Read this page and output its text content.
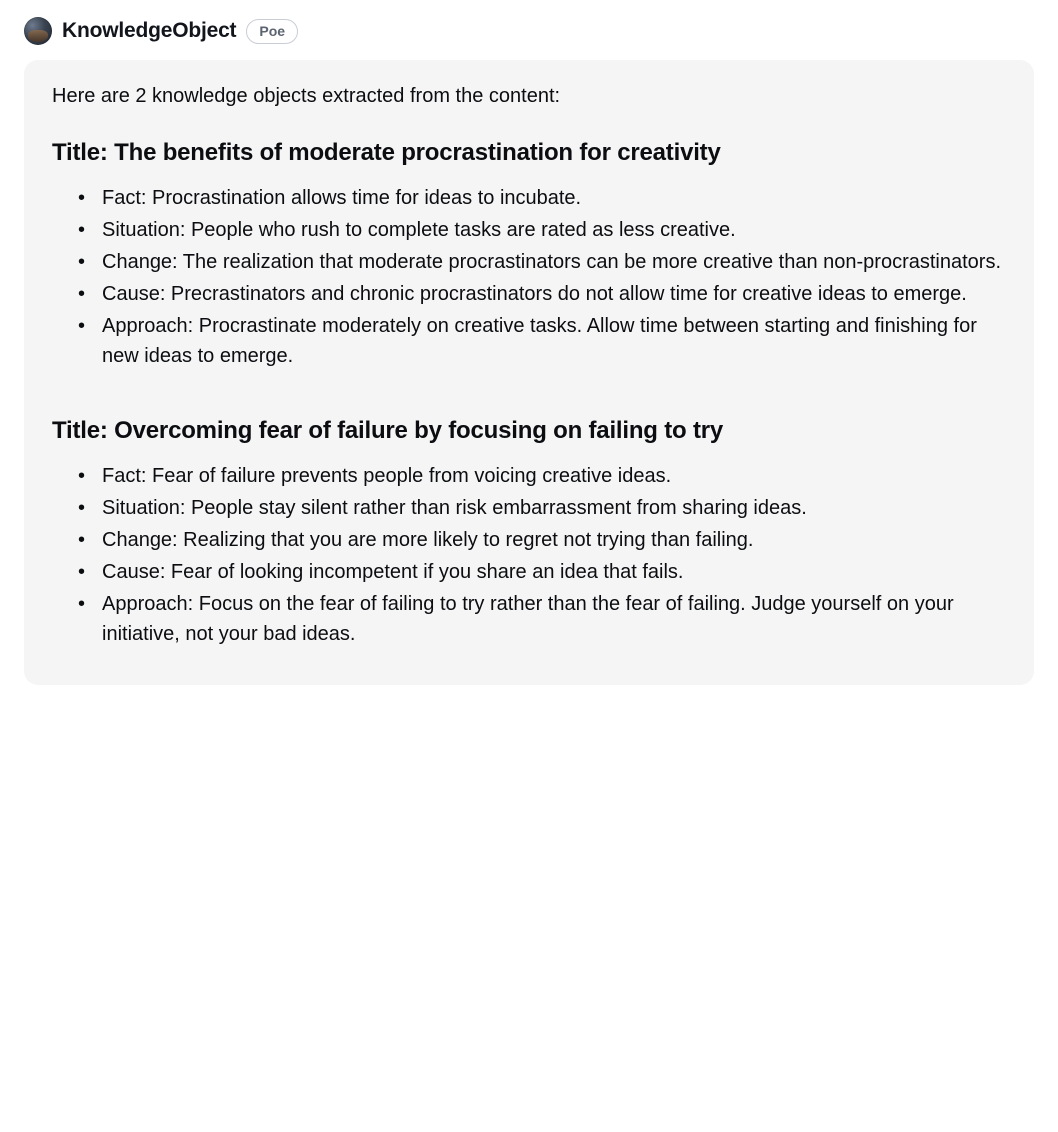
KnowledgeObject	Poe

Here are 2 knowledge objects extracted from the content:

Title: The benefits of moderate procrastination for creativity
• Fact: Procrastination allows time for ideas to incubate.
• Situation: People who rush to complete tasks are rated as less creative.
• Change: The realization that moderate procrastinators can be more creative than non-procrastinators.
• Cause: Precrastinators and chronic procrastinators do not allow time for creative ideas to emerge.
• Approach: Procrastinate moderately on creative tasks. Allow time between starting and finishing for new ideas to emerge.
Title: Overcoming fear of failure by focusing on failing to try
• Fact: Fear of failure prevents people from voicing creative ideas.
• Situation: People stay silent rather than risk embarrassment from sharing ideas.
• Change: Realizing that you are more likely to regret not trying than failing.
• Cause: Fear of looking incompetent if you share an idea that fails.
• Approach: Focus on the fear of failing to try rather than the fear of failing. Judge yourself on your initiative, not your bad ideas.
